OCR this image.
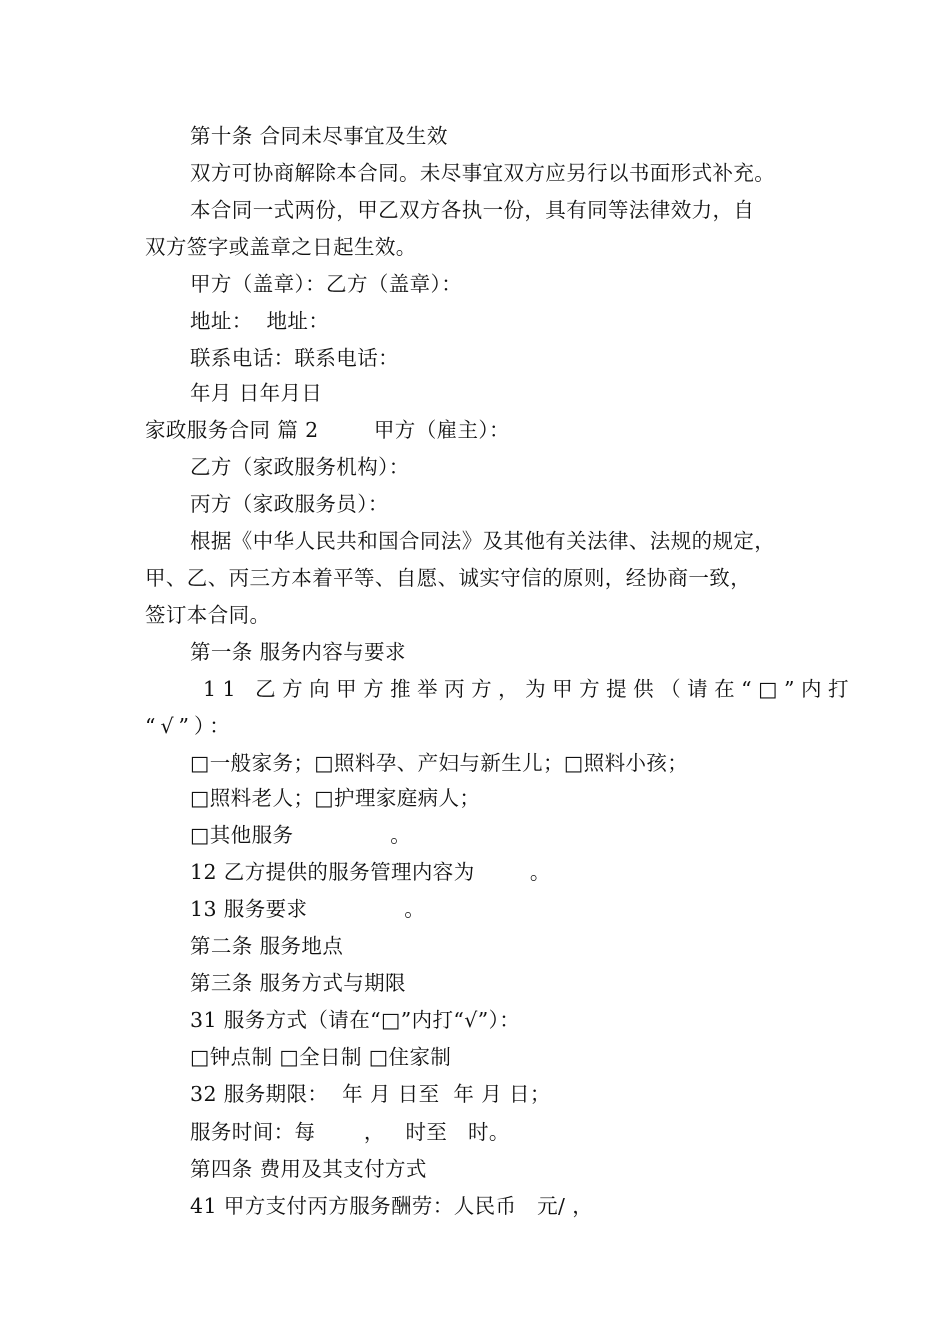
第十条 合同未尽事宜及生效
双方可协商解除本合同。未尽事宜双方应另行以书面形式补充。
本合同一式两份，甲乙双方各执一份，具有同等法律效力，自
双方签字或盖章之日起生效。
甲方（盖章）：乙方（盖章）：
地址：  地址：
联系电话：联系电话：
年月 日年月日
家政服务合同 篇 2        甲方（雇主）：
乙方（家政服务机构）：
丙方（家政服务员）：
根据《中华人民共和国合同法》及其他有关法律、法规的规定，
甲、乙、丙三方本着平等、自愿、诚实守信的原则，经协商一致，
签订本合同。
第一条 服务内容与要求
11 乙方向甲方推举丙方，为甲方提供（请在“□”内打
“√”）：
□一般家务；□照料孕、产妇与新生儿；□照料小孩；
□照料老人；□护理家庭病人；
□其他服务              。
12 乙方提供的服务管理内容为        。
13 服务要求              。
第二条 服务地点
第三条 服务方式与期限
31 服务方式（请在“□”内打“√”）：
□钟点制 □全日制 □住家制
32 服务期限：  年 月 日至  年 月 日；
服务时间：每       ，   时至   时。
第四条 费用及其支付方式
41 甲方支付丙方服务酬劳：人民币   元/ ，
